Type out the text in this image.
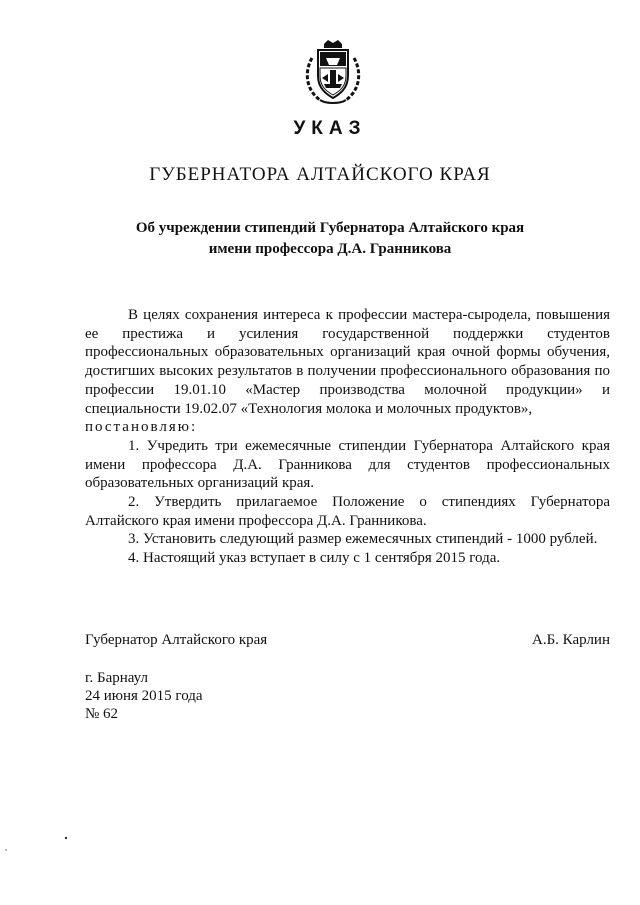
УКАЗ
ГУБЕРНАТОРА АЛТАЙСКОГО КРАЯ
Об учреждении стипендий Губернатора Алтайского края
имени профессора Д.А. Гранникова

В целях сохранения интереса к профессии мастера-сыродела, повышения ее престижа и усиления государственной поддержки студентов профессиональных образовательных организаций края очной формы обучения, достигших высоких результатов в получении профессионального образования по профессии 19.01.10 «Мастер производства молочной продукции» и специальности 19.02.07 «Технология молока и молочных продуктов»,

постановляю:

1. Учредить три ежемесячные стипендии Губернатора Алтайского края имени профессора Д.А. Гранникова для студентов профессиональных образовательных организаций края.

2. Утвердить прилагаемое Положение о стипендиях Губернатора Алтайского края имени профессора Д.А. Гранникова.

3. Установить следующий размер ежемесячных стипендий - 1000 рублей.

4. Настоящий указ вступает в силу с 1 сентября 2015 года.

Губернатор Алтайского края	А.Б. Карлин
г. Барнаул
24 июня 2015 года
№ 62
